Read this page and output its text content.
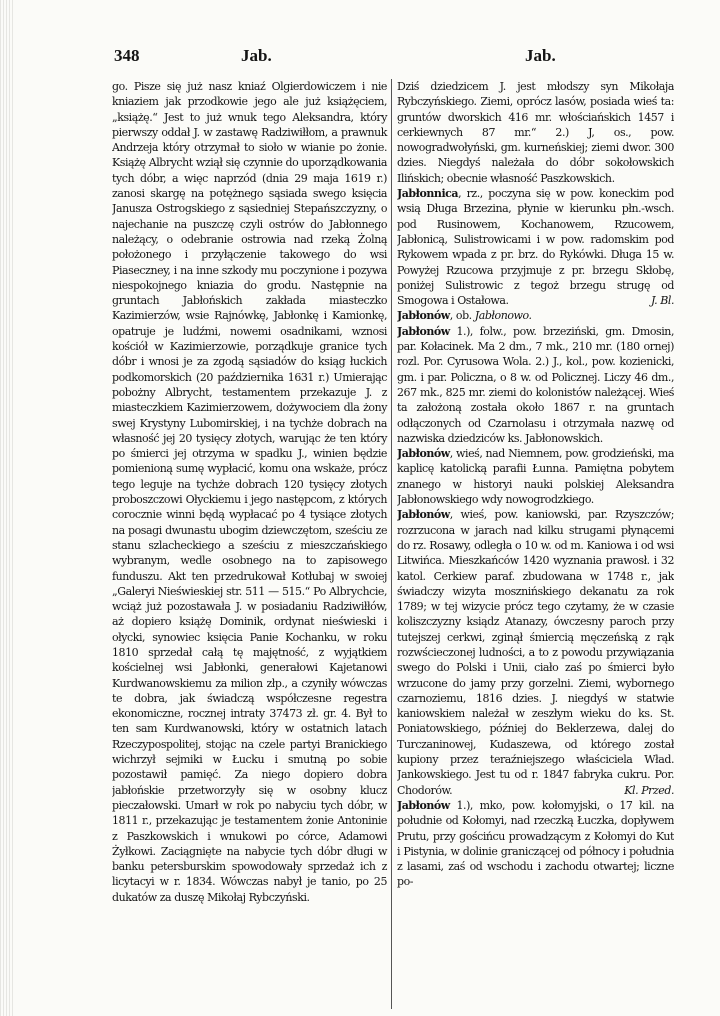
348	Jab.	Jab.

go. Pisze się już nasz kniaź Olgierdowiczem i nie kniaziem jak przodkowie jego ale już książęciem, „książę.“ Jest to już wnuk tego Aleksandra, który pierwszy oddał J. w zastawę Radziwiłłom, a prawnuk Andrzeja który otrzymał to sioło w wianie po żonie. Książę Albrycht wziął się czynnie do uporządkowania tych dóbr, a więc naprzód (dnia 29 maja 1619 r.) zanosi skargę na potężnego sąsiada swego księcia Janusza Ostrogskiego z sąsiedniej Stepańszczyzny, o najechanie na puszczę czyli ostrów do Jabłonnego należący, o odebranie ostrowia nad rzeką Żolną położonego i przyłączenie takowego do wsi Piaseczney, i na inne szkody mu poczynione i pozywa niespokojnego kniazia do grodu. Następnie na gruntach Jabłońskich zakłada miasteczko Kazimierzów, wsie Rajnówkę, Jabłonkę i Kamionkę, opatruje je ludźmi, nowemi osadnikami, wznosi kościół w Kazimierzowie, porządkuje granice tych dóbr i wnosi je za zgodą sąsiadów do ksiąg łuckich podkomorskich (20 października 1631 r.) Umierając pobożny Albrycht, testamentem przekazuje J. z miasteczkiem Kazimierzowem, dożywociem dla żony swej Krystyny Lubomirskiej, i na tychże dobrach na własność jej 20 tysięcy złotych, warując że ten który po śmierci jej otrzyma w spadku J., winien będzie pomienioną sumę wypłacić, komu ona wskaże, prócz tego leguje na tychże dobrach 120 tysięcy złotych proboszczowi Ołyckiemu i jego następcom, z których corocznie winni będą wypłacać po 4 tysiące złotych na posagi dwunastu ubogim dziewczętom, sześciu ze stanu szlacheckiego a sześciu z mieszczańskiego wybranym, wedle osobnego na to zapisowego funduszu. Akt ten przedrukował Kotłubaj w swoiej „Galeryi Nieświeskiej str. 511 — 515.“ Po Albrychcie, wciąż już pozostawała J. w posiadaniu Radziwiłłów, aż dopiero książę Dominik, ordynat nieświeski i ołycki, synowiec księcia Panie Kochanku, w roku 1810 sprzedał całą tę majętność, z wyjątkiem kościelnej wsi Jabłonki, generałowi Kajetanowi Kurdwanowskiemu za milion złp., a czyniły wówczas te dobra, jak świadczą współczesne regestra ekonomiczne, rocznej intraty 37473 zł. gr. 4. Był to ten sam Kurdwanowski, który w ostatnich latach Rzeczypospolitej, stojąc na czele partyi Branickiego wichrzył sejmiki w Łucku i smutną po sobie pozostawił pamięć. Za niego dopiero dobra jabłońskie przetworzyły się w osobny klucz pieczałowski. Umarł w rok po nabyciu tych dóbr, w 1811 r., przekazując je testamentem żonie Antoninie z Paszkowskich i wnukowi po córce, Adamowi Żyłkowi. Zaciągnięte na nabycie tych dóbr długi w banku petersburskim spowodowały sprzedaż ich z licytacyi w r. 1834. Wówczas nabył je tanio, po 25 dukatów za duszę Mikołaj Rybczyński.

Dziś dziedzicem J. jest młodszy syn Mikołaja Rybczyńskiego. Ziemi, oprócz lasów, posiada wieś ta: gruntów dworskich 416 mr. włościańskich 1457 i cerkiewnych 87 mr.“ 2.) J, os., pow. nowogradwołyński, gm. kurneńskiej; ziemi dwor. 300 dzies. Niegdyś należała do dóbr sokołowskich Ilińskich; obecnie własność Paszkowskich.

Jabłonnica, rz., poczyna się w pow. koneckim pod wsią Długa Brzezina, płynie w kierunku płn.-wsch. pod Rusinowem, Kochanowem, Rzucowem, Jabłonicą, Sulistrowicami i w pow. radomskim pod Rykowem wpada z pr. brz. do Rykówki. Długa 15 w. Powyżej Rzucowa przyjmuje z pr. brzegu Skłobę, poniżej Sulistrowic z tegoż brzegu strugę od Smogowa i Ostałowa.	J. Bl.

Jabłonów, ob. Jabłonowo.

Jabłonów 1.), folw., pow. brzeziński, gm. Dmosin, par. Kołacinek. Ma 2 dm., 7 mk., 210 mr. (180 ornej) rozl. Por. Cyrusowa Wola. 2.) J., kol., pow. kozienicki, gm. i par. Policzna, o 8 w. od Policznej. Liczy 46 dm., 267 mk., 825 mr. ziemi do kolonistów należącej. Wieś ta założoną została około 1867 r. na gruntach odłączonych od Czarnolasu i otrzymała nazwę od nazwiska dziedziców ks. Jabłonowskich.

Jabłonów, wieś, nad Niemnem, pow. grodzieński, ma kaplicę katolicką parafii Łunna. Pamiętna pobytem znanego w historyi nauki polskiej Aleksandra Jabłonowskiego wdy nowogrodzkiego.

Jabłonów, wieś, pow. kaniowski, par. Rzyszczów; rozrzucona w jarach nad kilku strugami płynącemi do rz. Rosawy, odległa o 10 w. od m. Kaniowa i od wsi Litwińca. Mieszkańców 1420 wyznania prawosł. i 32 katol. Cerkiew paraf. zbudowana w 1748 r., jak świadczy wizyta mosznińskiego dekanatu za rok 1789; w tej wizycie prócz tego czytamy, że w czasie koliszczyzny ksiądz Atanazy, ówczesny paroch przy tutejszej cerkwi, zginął śmiercią męczeńską z rąk rozwścieczonej ludności, a to z powodu przywiązania swego do Polski i Unii, ciało zaś po śmierci było wrzucone do jamy przy gorzelni. Ziemi, wybornego czarnoziemu, 1816 dzies. J. niegdyś w statwie kaniowskiem należał w zeszłym wieku do ks. St. Poniatowskiego, później do Beklerzewa, dalej do Turczaninowej, Kudaszewa, od którego został kupiony przez teraźniejszego właściciela Wład. Jankowskiego. Jest tu od r. 1847 fabryka cukru. Por. Chodorów.	Kl. Przed.

Jabłonów 1.), mko, pow. kołomyjski, o 17 kil. na południe od Kołomyi, nad rzeczką Łuczka, dopływem Prutu, przy gościńcu prowadzącym z Kołomyi do Kut i Pistynia, w dolinie graniczącej od północy i południa z lasami, zaś od wschodu i zachodu otwartej; liczne po-
